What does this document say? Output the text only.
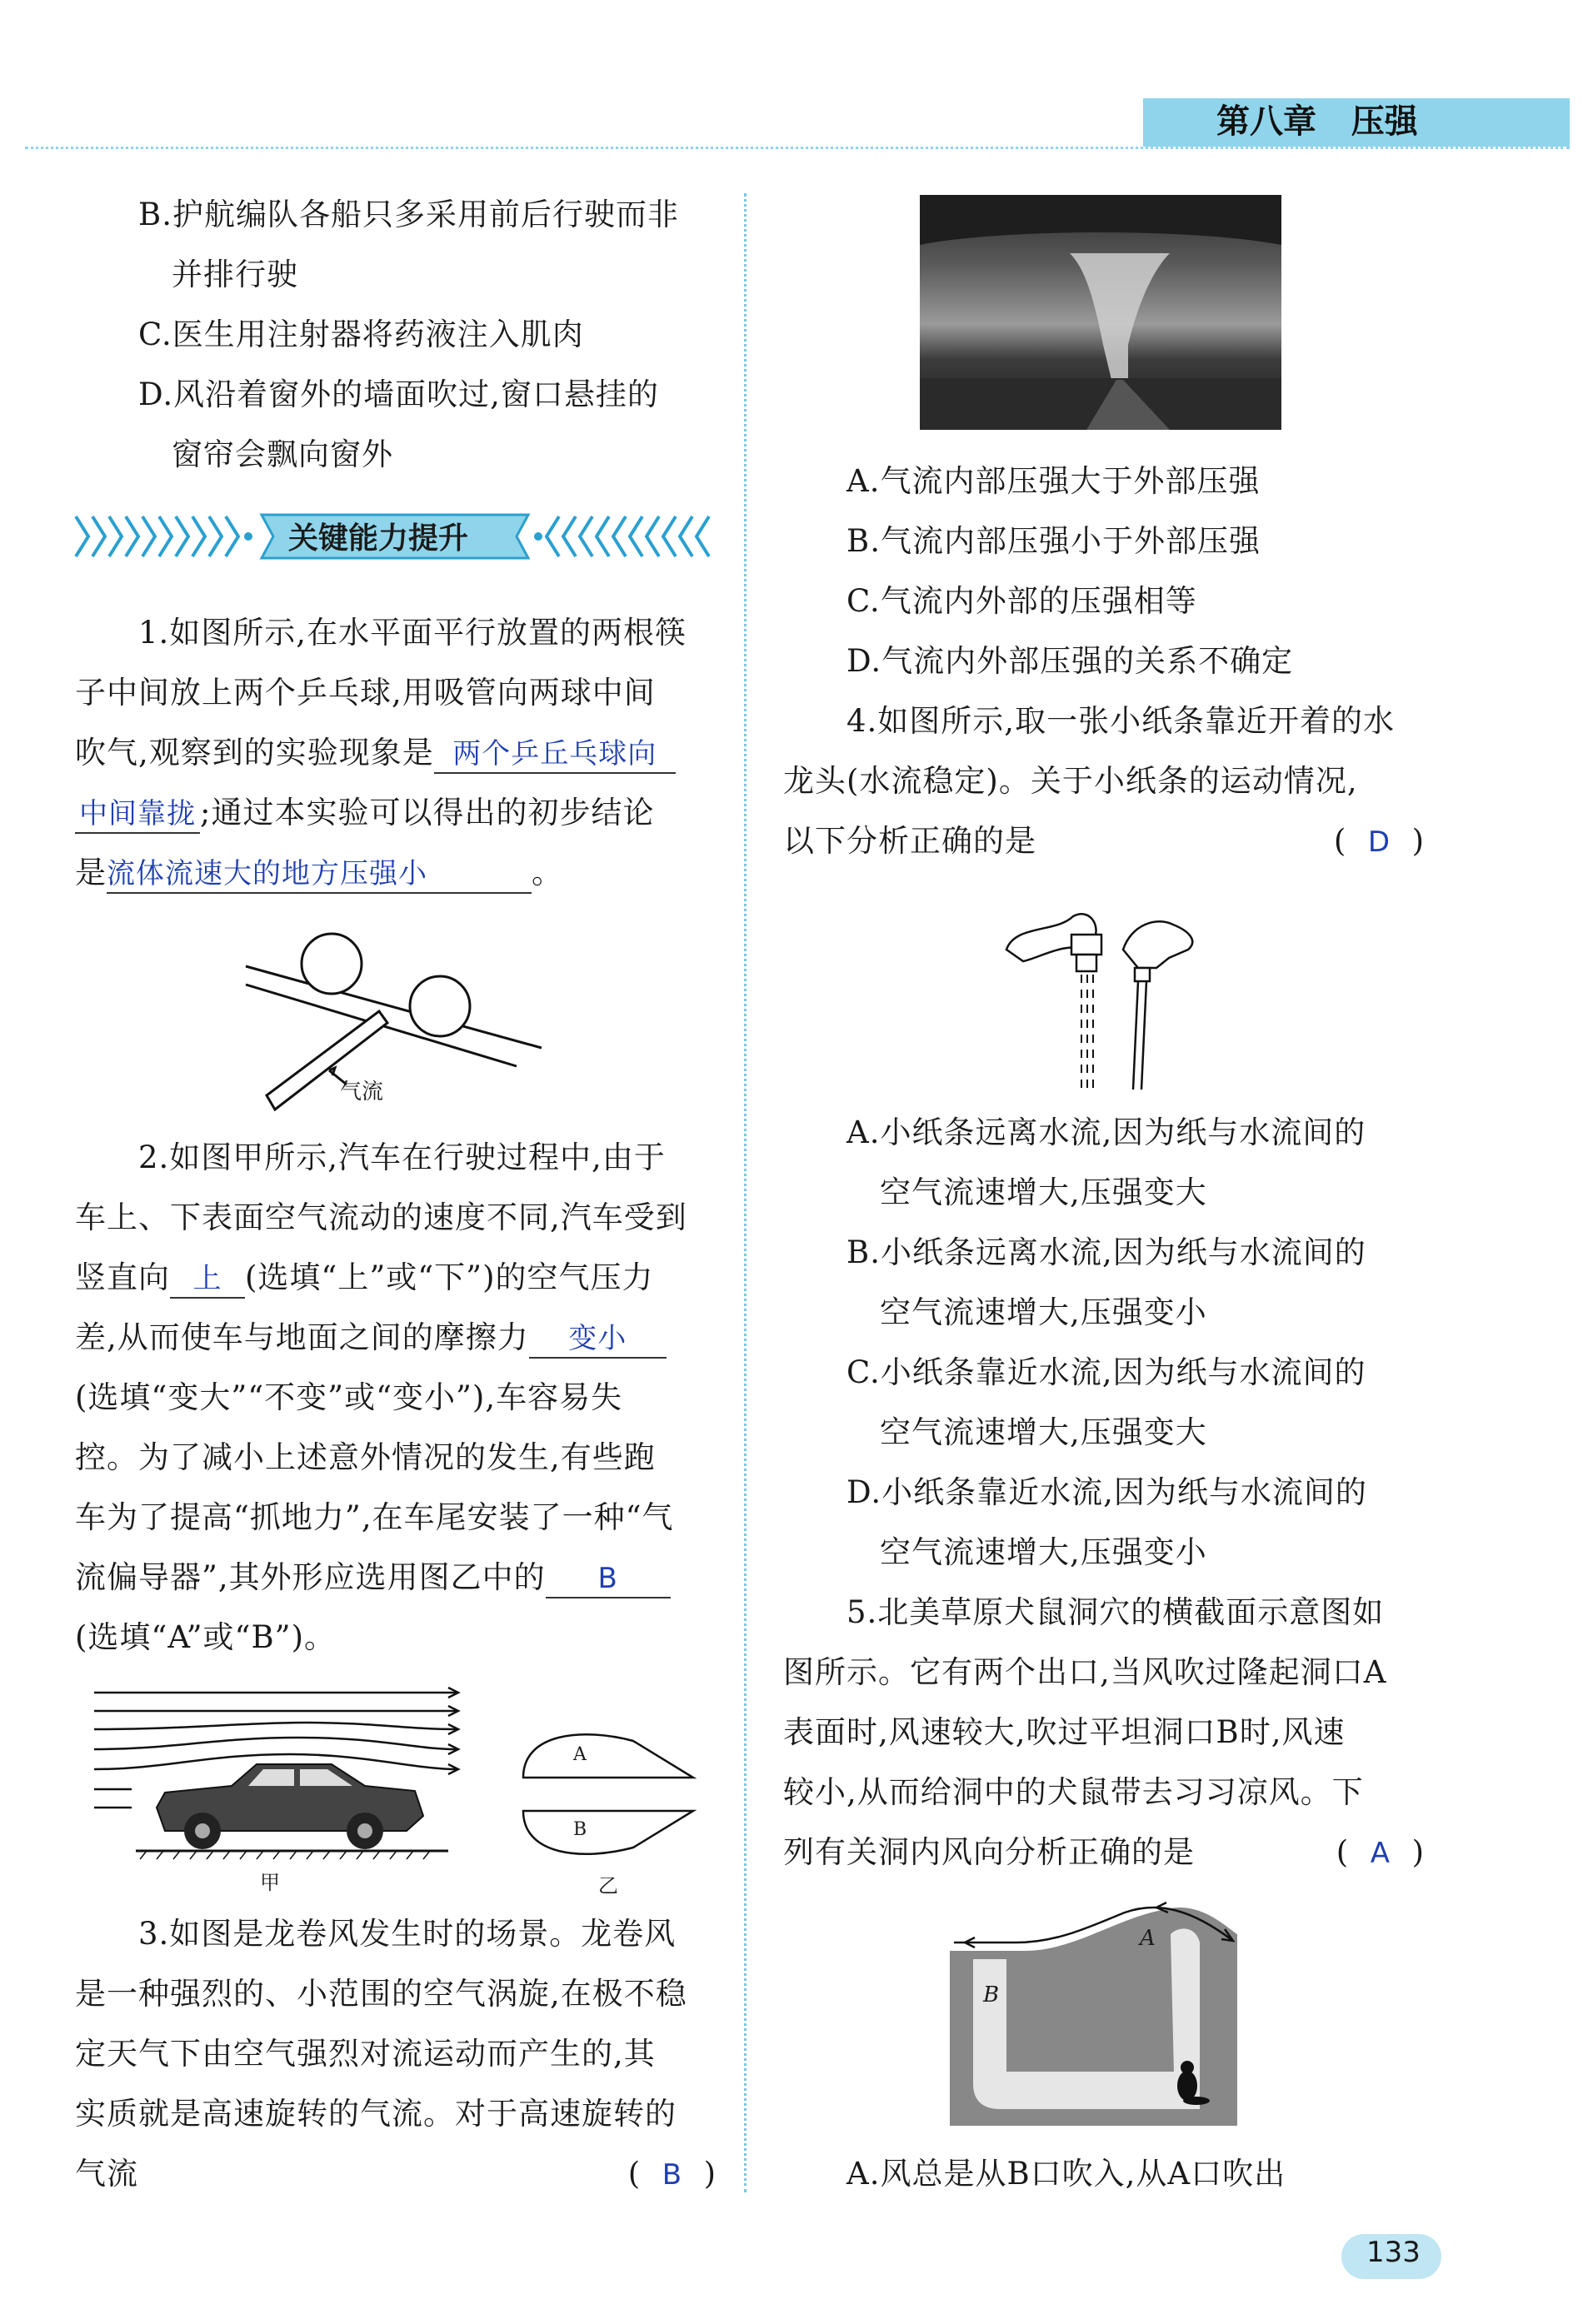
第八章 压强
B.护航编队各船只多采用前后行驶而非
并排行驶
C.医生用注射器将药液注入肌肉
D.风沿着窗外的墙面吹过,窗口悬挂的
窗帘会飘向窗外
关键能力提升
1.如图所示,在水平面平行放置的两根筷
子中间放上两个乒乓球,用吸管向两球中间
吹气,观察到的实验现象是 两个乒丘乓球向
中间靠拢 ;通过本实验可以得出的初步结论
是流体流速大的地方压强小	。
气流
2.如图甲所示,汽车在行驶过程中,由于
车上、下表面空气流动的速度不同,汽车受到
竖直向 上 (选填“上”或“下”)的空气压力
差,从而使车与地面之间的摩擦力 变小
(选填“变大”“不变”或“变小”),车容易失
控。为了减小上述意外情况的发生,有些跑
车为了提高“抓地力”,在车尾安装了一种“气
流偏导器”,其外形应选用图乙中的 B
(选填“A”或“B”)。
甲
A
B
乙
3.如图是龙卷风发生时的场景。龙卷风
是一种强烈的、小范围的空气涡旋,在极不稳
定天气下由空气强烈对流运动而产生的,其
实质就是高速旋转的气流。对于高速旋转的
气流	( B )
A.气流内部压强大于外部压强
B.气流内部压强小于外部压强
C.气流内外部的压强相等
D.气流内外部压强的关系不确定
4.如图所示,取一张小纸条靠近开着的水
龙头(水流稳定)。关于小纸条的运动情况,
以下分析正确的是	( D )
A.小纸条远离水流,因为纸与水流间的
空气流速增大,压强变大
B.小纸条远离水流,因为纸与水流间的
空气流速增大,压强变小
C.小纸条靠近水流,因为纸与水流间的
空气流速增大,压强变大
D.小纸条靠近水流,因为纸与水流间的
空气流速增大,压强变小
5.北美草原犬鼠洞穴的横截面示意图如
图所示。它有两个出口,当风吹过隆起洞口A
表面时,风速较大,吹过平坦洞口B时,风速
较小,从而给洞中的犬鼠带去习习凉风。下
列有关洞内风向分析正确的是	( A )
A
B
A.风总是从B口吹入,从A口吹出
133
